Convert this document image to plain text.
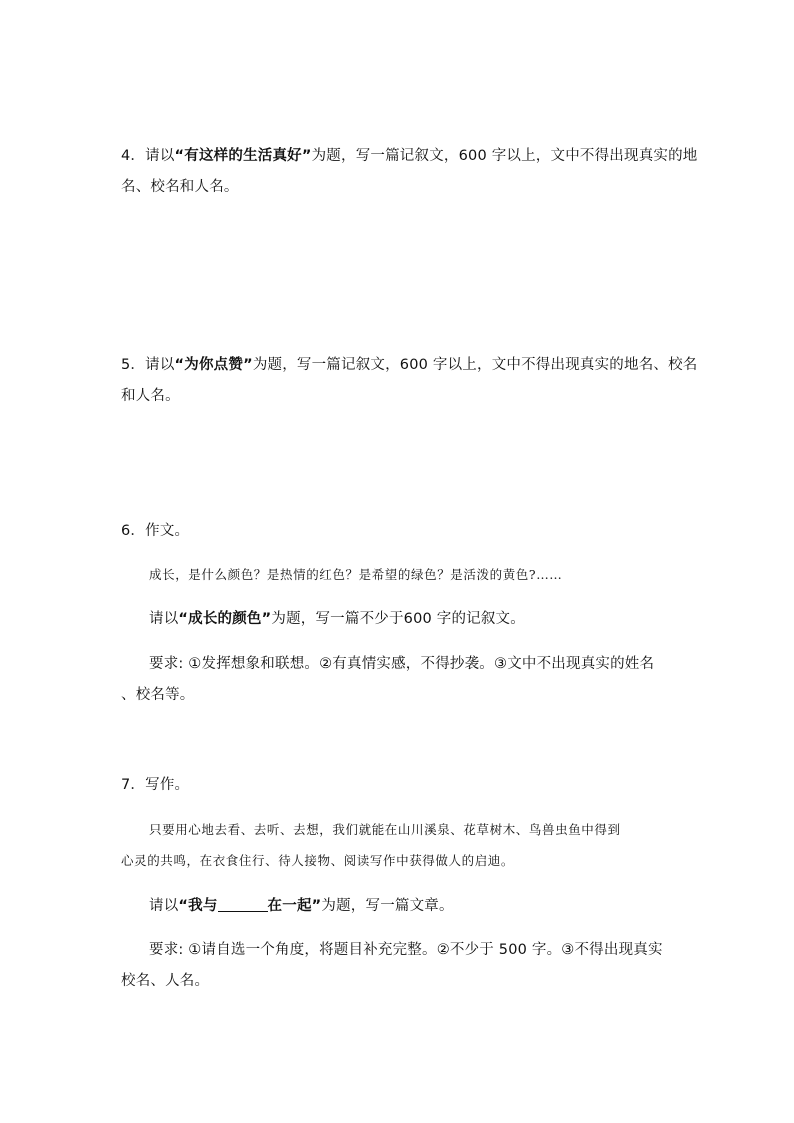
4．请以“有这样的生活真好”为题，写一篇记叙文，600 字以上，文中不得出现真实的地
名、校名和人名。
5．请以“为你点赞”为题，写一篇记叙文，600 字以上，文中不得出现真实的地名、校名
和人名。
6．作文。
成长，是什么颜色？是热情的红色？是希望的绿色？是活泼的黄色?……
请以“成长的颜色”为题，写一篇不少于600 字的记叙文。
要求: ①发挥想象和联想。②有真情实感，不得抄袭。③文中不出现真实的姓名
、校名等。
7．写作。
只要用心地去看、去听、去想，我们就能在山川溪泉、花草树木、鸟兽虫鱼中得到
心灵的共鸣，在衣食住行、待人接物、阅读写作中获得做人的启迪。
请以“我与	在一起”为题，写一篇文章。
要求: ①请自选一个角度，将题目补充完整。②不少于 500 字。③不得出现真实
校名、人名。
